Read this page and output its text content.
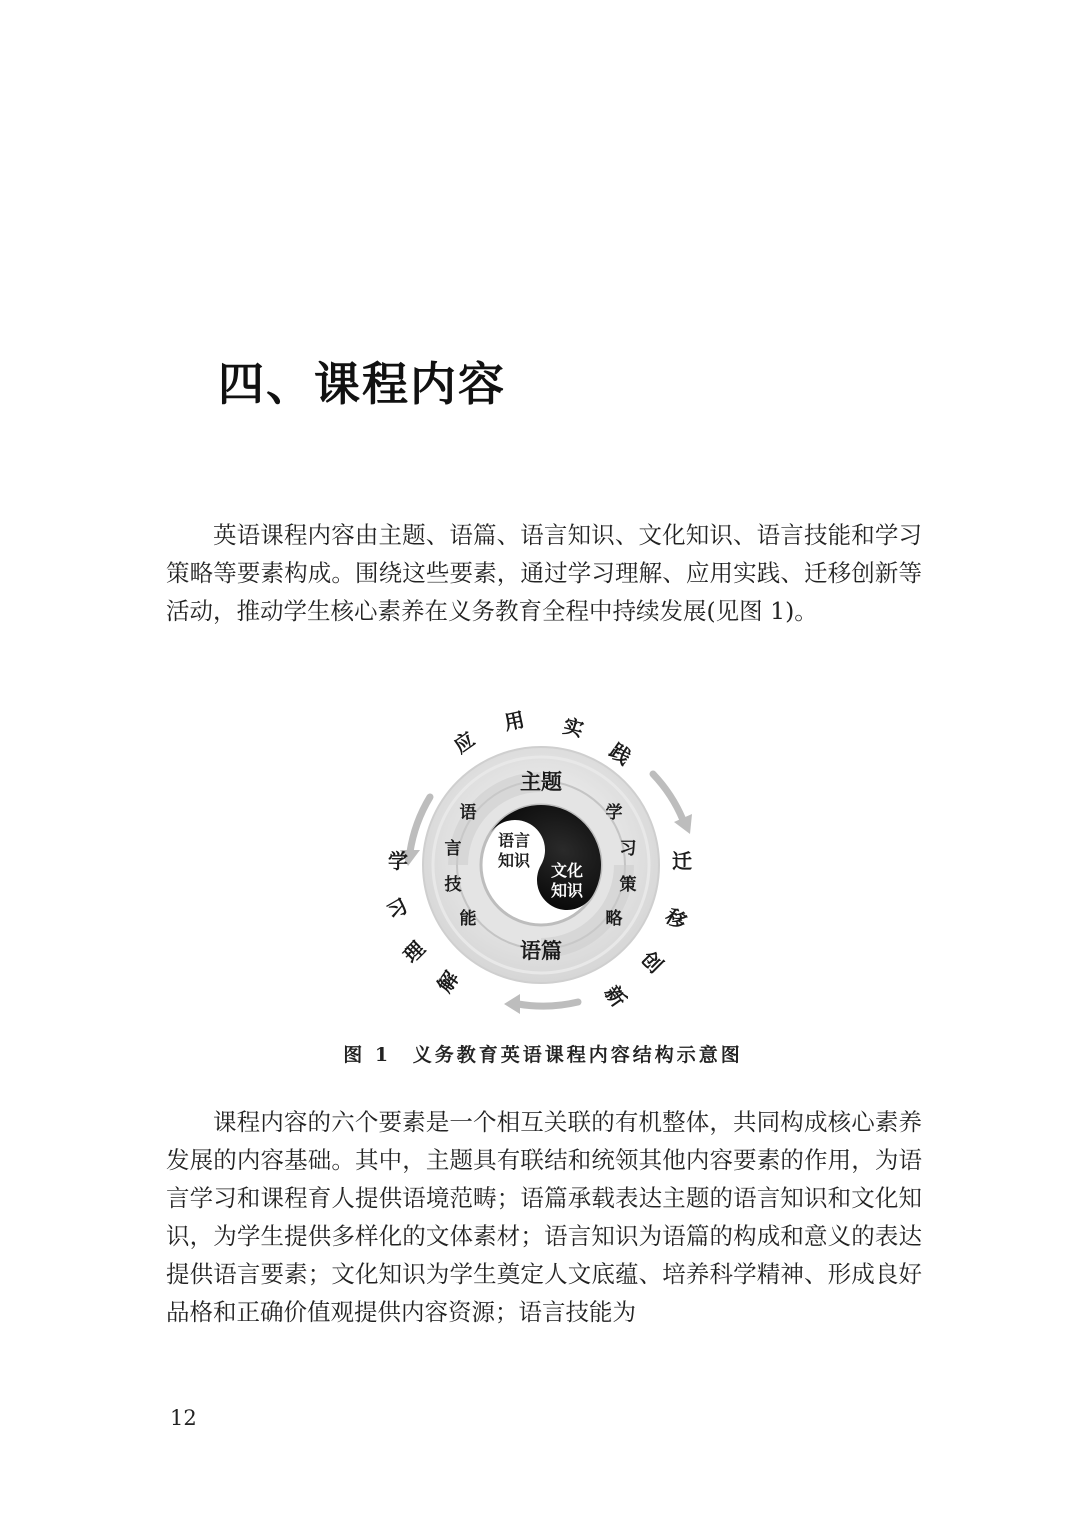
四、课程内容

英语课程内容由主题、语篇、语言知识、文化知识、语言技能和学习策略等要素构成。围绕这些要素，通过学习理解、应用实践、迁移创新等活动，推动学生核心素养在义务教育全程中持续发展(见图 1)。

应
用 实
践
迁
移
创
新
学
习
理
解
主题
语篇
语
言
技
能
学
习
策
略
语言
知识
文化
知识
图 1 义务教育英语课程内容结构示意图

课程内容的六个要素是一个相互关联的有机整体，共同构成核心素养发展的内容基础。其中，主题具有联结和统领其他内容要素的作用，为语言学习和课程育人提供语境范畴；语篇承载表达主题的语言知识和文化知识，为学生提供多样化的文体素材；语言知识为语篇的构成和意义的表达提供语言要素；文化知识为学生奠定人文底蕴、培养科学精神、形成良好品格和正确价值观提供内容资源；语言技能为

12
